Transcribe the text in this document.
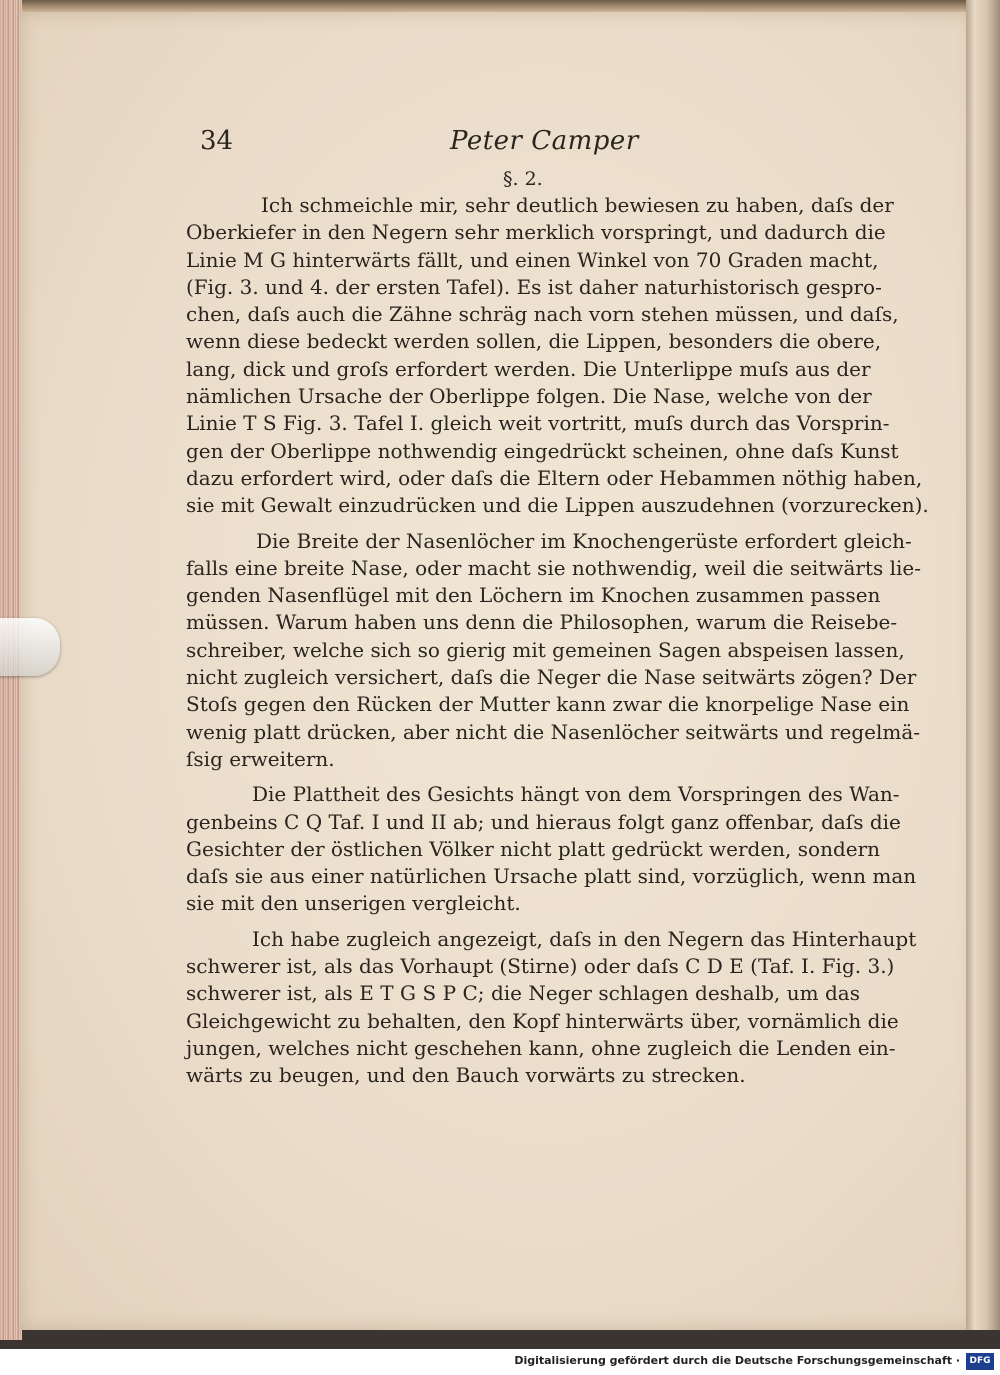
34	Peter Camper
§. 2.

Ich schmeichle mir, sehr deutlich bewiesen zu haben, daſs der
Oberkiefer in den Negern sehr merklich vorspringt, und dadurch die
Linie M G hinterwärts fällt, und einen Winkel von 70 Graden macht,
(Fig. 3. und 4. der ersten Tafel). Es ist daher naturhistorisch gespro-
chen, daſs auch die Zähne schräg nach vorn stehen müssen, und daſs,
wenn diese bedeckt werden sollen, die Lippen, besonders die obere,
lang, dick und groſs erfordert werden. Die Unterlippe muſs aus der
nämlichen Ursache der Oberlippe folgen. Die Nase, welche von der
Linie T S Fig. 3. Tafel I. gleich weit vortritt, muſs durch das Vorsprin-
gen der Oberlippe nothwendig eingedrückt scheinen, ohne daſs Kunst
dazu erfordert wird, oder daſs die Eltern oder Hebammen nöthig haben,
sie mit Gewalt einzudrücken und die Lippen auszudehnen (vorzurecken).

Die Breite der Nasenlöcher im Knochengerüste erfordert gleich-
falls eine breite Nase, oder macht sie nothwendig, weil die seitwärts lie-
genden Nasenflügel mit den Löchern im Knochen zusammen passen
müssen. Warum haben uns denn die Philosophen, warum die Reisebe-
schreiber, welche sich so gierig mit gemeinen Sagen abspeisen lassen,
nicht zugleich versichert, daſs die Neger die Nase seitwärts zögen? Der
Stoſs gegen den Rücken der Mutter kann zwar die knorpelige Nase ein
wenig platt drücken, aber nicht die Nasenlöcher seitwärts und regelmä-
ſsig erweitern.

Die Plattheit des Gesichts hängt von dem Vorspringen des Wan-
genbeins C Q Taf. I und II ab; und hieraus folgt ganz offenbar, daſs die
Gesichter der östlichen Völker nicht platt gedrückt werden, sondern
daſs sie aus einer natürlichen Ursache platt sind, vorzüglich, wenn man
sie mit den unserigen vergleicht.

Ich habe zugleich angezeigt, daſs in den Negern das Hinterhaupt
schwerer ist, als das Vorhaupt (Stirne) oder daſs C D E (Taf. I. Fig. 3.)
schwerer ist, als E T G S P C; die Neger schlagen deshalb, um das
Gleichgewicht zu behalten, den Kopf hinterwärts über, vornämlich die
jungen, welches nicht geschehen kann, ohne zugleich die Lenden ein-
wärts zu beugen, und den Bauch vorwärts zu strecken.

Digitalisierung gefördert durch die Deutsche Forschungsgemeinschaft ·	DFG
